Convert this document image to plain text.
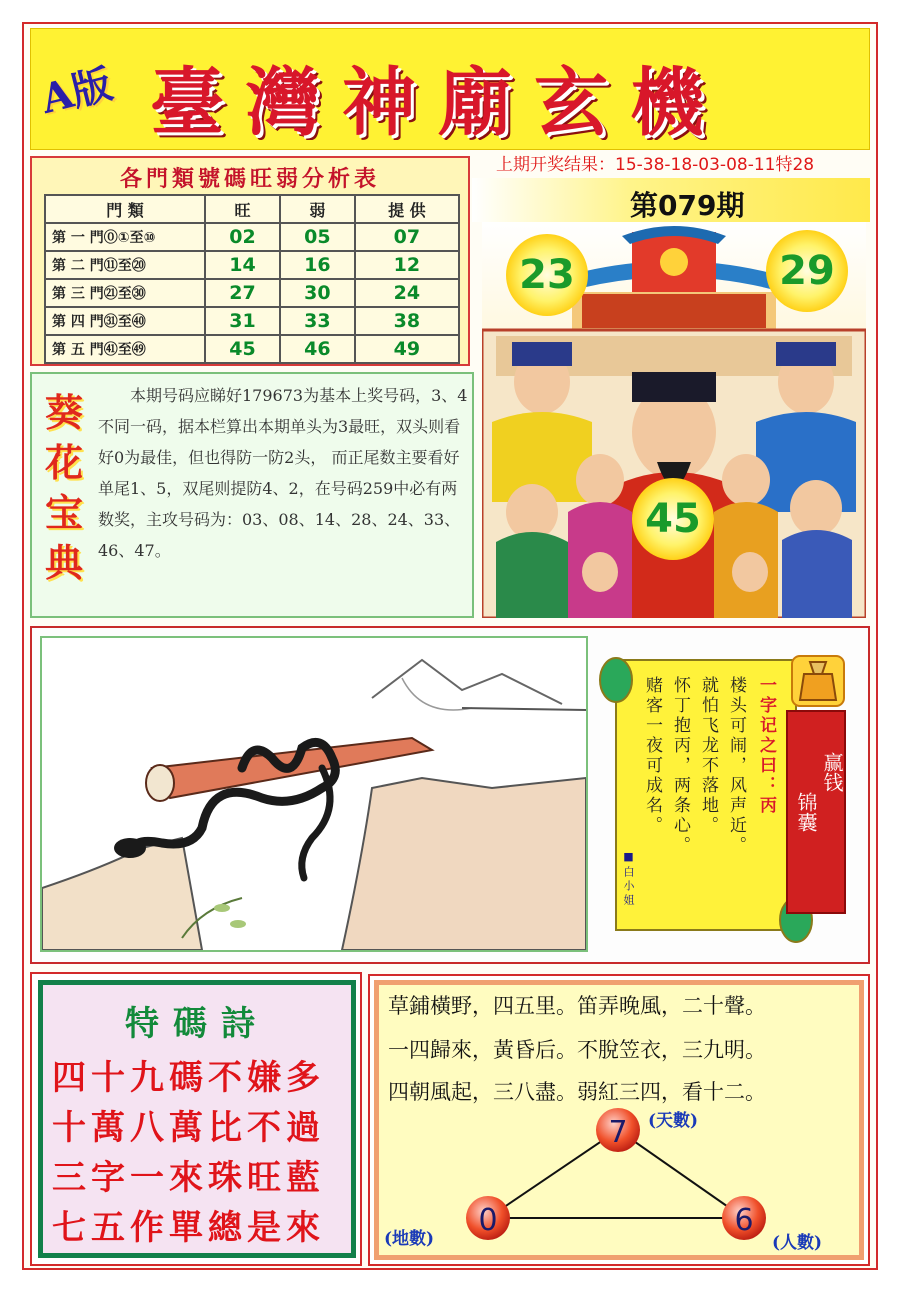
A版 臺灣神廟玄機
上期开奖结果：15-38-18-03-08-11特28
第079期
各門類號碼旺弱分析表
門 類	旺	弱	提 供
第 一 門⓪①至⑩	02	05	07
第 二 門⑪至⑳	14	16	12
第 三 門㉑至㉚	27	30	24
第 四 門㉛至㊵	31	33	38
第 五 門㊶至㊾	45	46	49
葵
花
宝
典
本期号码应睇好179673为基本上奖号码，3、4不同一码，据本栏算出本期单头为3最旺，双头则看好0为最佳，但也得防一防2头， 而正尾数主要看好单尾1、5，双尾则提防4、2，在号码259中必有两数奖，主攻号码为：03、08、14、28、24、33、46、47。
23	29
45
一字记之曰：丙
楼头可闹，风声近。
就怕飞龙不落地。
怀丁抱丙，两条心。
赌客一夜可成名。
■白小姐
赢钱
锦囊
特碼詩
四十九碼不嫌多
十萬八萬比不過
三字一來珠旺藍
七五作單總是來
草鋪橫野，四五里。笛弄晚風，二十聲。
一四歸來，黃昏后。不脫笠衣，三九明。
四朝風起，三八盡。弱紅三四，看十二。
7
0	6
(天數)
(地數)	(人數)
